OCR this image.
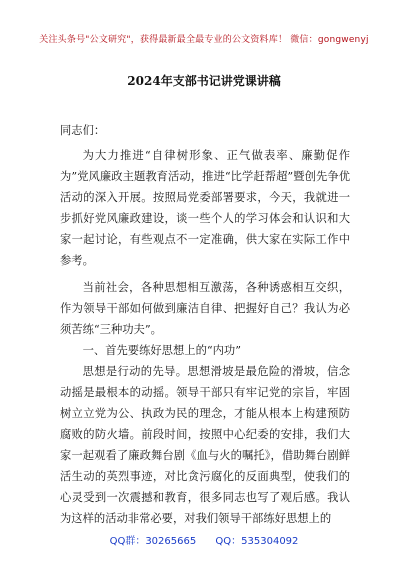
关注头条号"公文研究"，获得最新最全最专业的公文资料库！ 微信：gongwenyj
2024年支部书记讲党课讲稿

同志们：

为大力推进“自律树形象、正气做表率、廉勤促作为”党风廉政主题教育活动，推进“比学赶帮超”暨创先争优活动的深入开展。按照局党委部署要求，今天，我就进一步抓好党风廉政建设，谈一些个人的学习体会和认识和大家一起讨论，有些观点不一定准确，供大家在实际工作中参考。

当前社会，各种思想相互激荡，各种诱惑相互交织，作为领导干部如何做到廉洁自律、把握好自己？我认为必须苦练“三种功夫”。

一、首先要练好思想上的“内功”

思想是行动的先导。思想滑坡是最危险的滑坡，信念动摇是最根本的动摇。领导干部只有牢记党的宗旨，牢固树立立党为公、执政为民的理念，才能从根本上构建预防腐败的防火墙。前段时间，按照中心纪委的安排，我们大家一起观看了廉政舞台剧《血与火的嘱托》，借助舞台剧鲜活生动的英烈事迹，对比贪污腐化的反面典型，使我们的心灵受到一次震撼和教育，很多同志也写了观后感。我认为这样的活动非常必要，对我们领导干部练好思想上的

QQ群：30265665 QQ：535304092
